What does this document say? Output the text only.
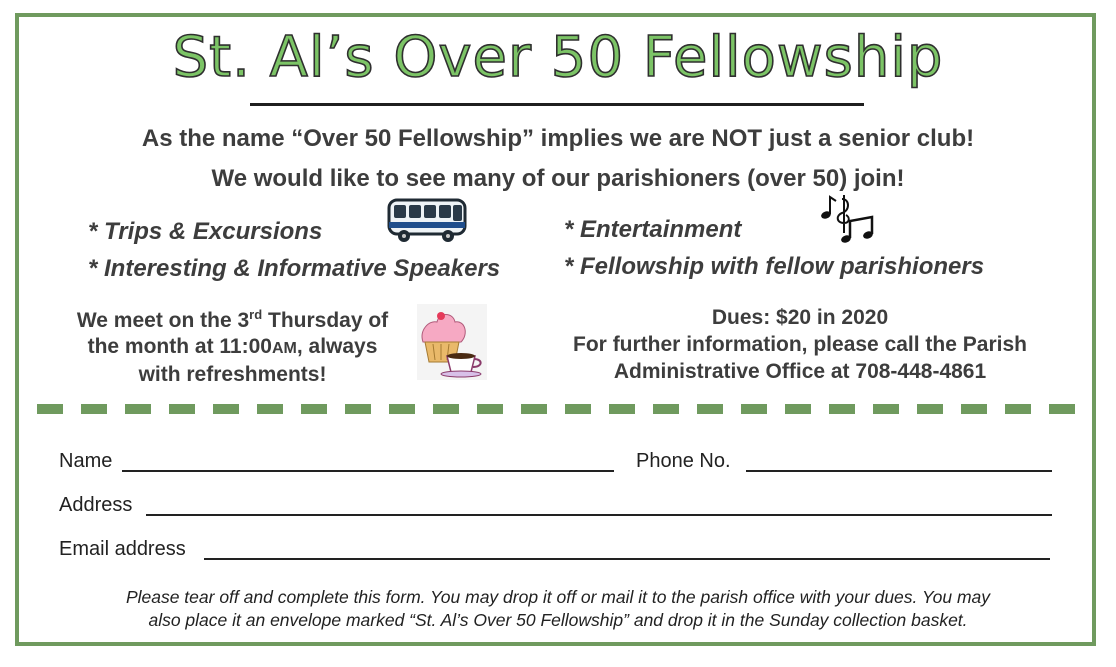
St. Al’s Over 50 Fellowship
As the name “Over 50 Fellowship” implies we are NOT just a senior club!
We would like to see many of our parishioners (over 50) join!
* Trips & Excursions
* Interesting & Informative Speakers
* Entertainment
* Fellowship with fellow parishioners
We meet on the 3rd Thursday of
the month at 11:00AM, always
with refreshments!
Dues: $20 in 2020
For further information, please call the Parish
Administrative Office at 708-448-4861
Name	Phone No.
Address
Email address
Please tear off and complete this form. You may drop it off or mail it to the parish office with your dues. You may
also place it an envelope marked “St. Al’s Over 50 Fellowship” and drop it in the Sunday collection basket.
